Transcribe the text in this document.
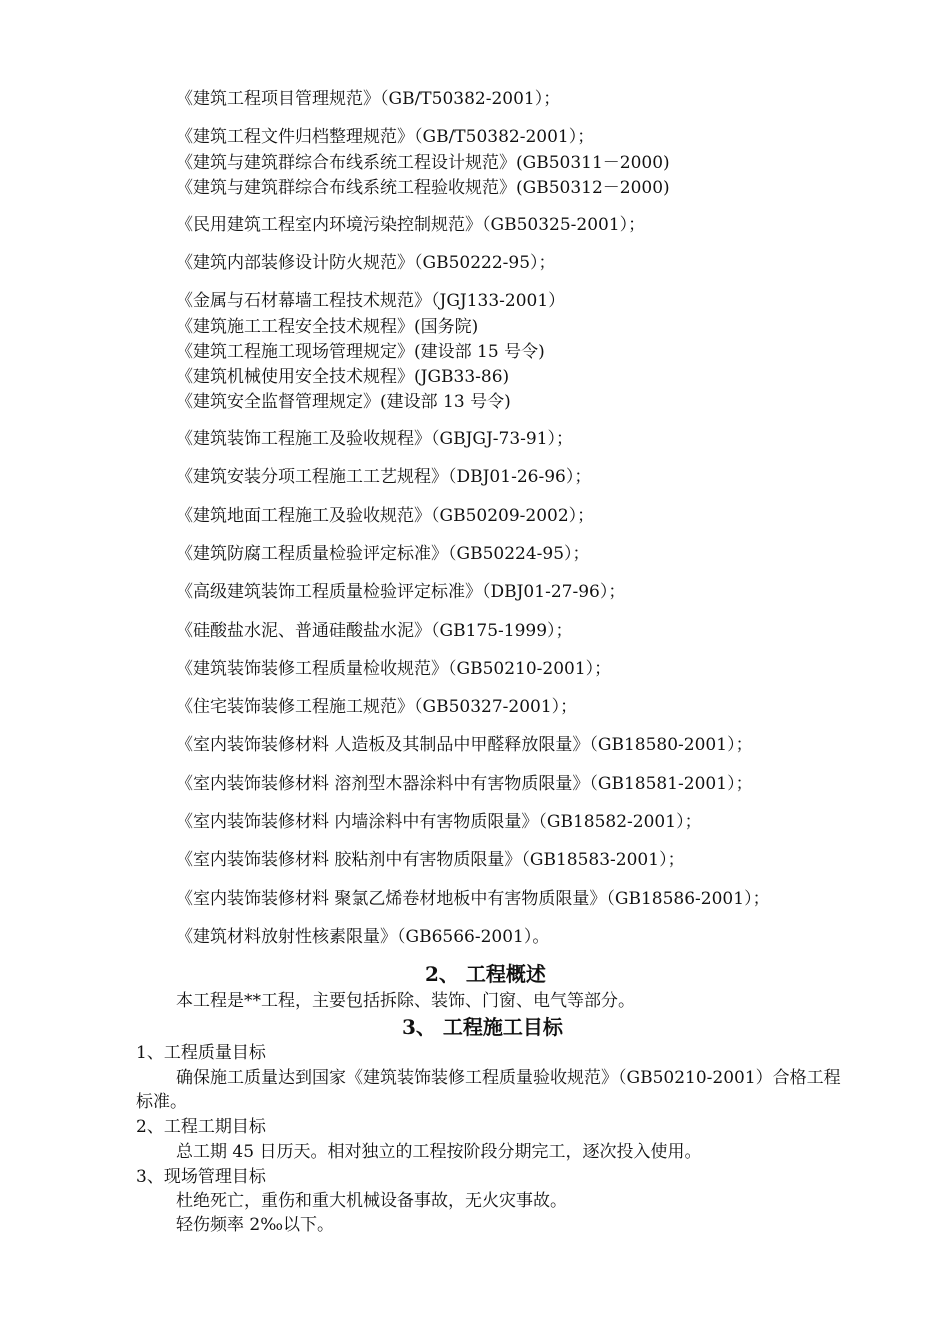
《建筑工程项目管理规范》（GB/T50382-2001）；
《建筑工程文件归档整理规范》（GB/T50382-2001）；
《建筑与建筑群综合布线系统工程设计规范》(GB50311－2000)
《建筑与建筑群综合布线系统工程验收规范》(GB50312－2000)
《民用建筑工程室内环境污染控制规范》（GB50325-2001）；
《建筑内部装修设计防火规范》（GB50222-95）；
《金属与石材幕墙工程技术规范》（JGJ133-2001）
《建筑施工工程安全技术规程》(国务院)
《建筑工程施工现场管理规定》(建设部 15 号令)
《建筑机械使用安全技术规程》(JGB33-86)
《建筑安全监督管理规定》(建设部 13 号令)
《建筑装饰工程施工及验收规程》（GBJGJ-73-91）；
《建筑安装分项工程施工工艺规程》（DBJ01-26-96）；
《建筑地面工程施工及验收规范》（GB50209-2002）；
《建筑防腐工程质量检验评定标准》（GB50224-95）；
《高级建筑装饰工程质量检验评定标准》（DBJ01-27-96）；
《硅酸盐水泥、普通硅酸盐水泥》（GB175-1999）；
《建筑装饰装修工程质量检收规范》（GB50210-2001）；
《住宅装饰装修工程施工规范》（GB50327-2001）；
《室内装饰装修材料 人造板及其制品中甲醛释放限量》（GB18580-2001）；
《室内装饰装修材料 溶剂型木器涂料中有害物质限量》（GB18581-2001）；
《室内装饰装修材料 内墙涂料中有害物质限量》（GB18582-2001）；
《室内装饰装修材料 胶粘剂中有害物质限量》（GB18583-2001）；
《室内装饰装修材料 聚氯乙烯卷材地板中有害物质限量》（GB18586-2001）；
《建筑材料放射性核素限量》（GB6566-2001）。
2、 工程概述
本工程是**工程，主要包括拆除、装饰、门窗、电气等部分。
3、 工程施工目标
1、工程质量目标
确保施工质量达到国家《建筑装饰装修工程质量验收规范》（GB50210-2001）合格工程标准。
2、工程工期目标
总工期 45 日历天。相对独立的工程按阶段分期完工，逐次投入使用。
3、现场管理目标
杜绝死亡，重伤和重大机械设备事故，无火灾事故。
轻伤频率 2‰以下。
